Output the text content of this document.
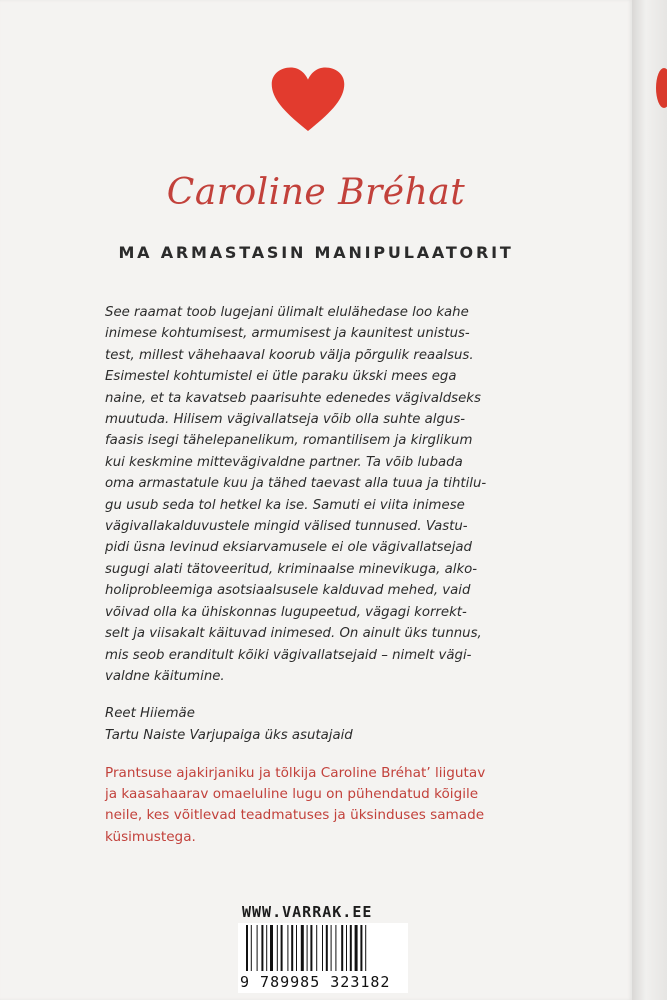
Caroline Bréhat
MA ARMASTASIN MANIPULAATORIT

See raamat toob lugejani ülimalt elulähedase loo kahe

inimese kohtumisest, armumisest ja kaunitest unistus-

test, millest vähehaaval koorub välja põrgulik reaalsus.

Esimestel kohtumistel ei ütle paraku ükski mees ega

naine, et ta kavatseb paarisuhte edenedes vägivaldseks

muutuda. Hilisem vägivallatseja võib olla suhte algus-

faasis isegi tähelepanelikum, romantilisem ja kirglikum

kui keskmine mittevägivaldne partner. Ta võib lubada

oma armastatule kuu ja tähed taevast alla tuua ja tihtilu-

gu usub seda tol hetkel ka ise. Samuti ei viita inimese

vägivallakalduvustele mingid välised tunnused. Vastu-

pidi üsna levinud eksiarvamusele ei ole vägivallatsejad

sugugi alati tätoveeritud, kriminaalse minevikuga, alko-

holiprobleemiga asotsiaalsusele kalduvad mehed, vaid

võivad olla ka ühiskonnas lugupeetud, vägagi korrekt-

selt ja viisakalt käituvad inimesed. On ainult üks tunnus,

mis seob eranditult kõiki vägivallatsejaid – nimelt vägi-

valdne käitumine.

Reet Hiiemäe

Tartu Naiste Varjupaiga üks asutajaid

Prantsuse ajakirjaniku ja tõlkija Caroline Bréhat’ liigutav

ja kaasahaarav omaeluline lugu on pühendatud kõigile

neile, kes võitlevad teadmatuses ja üksinduses samade

küsimustega.

WWW.VARRAK.EE
9 789985 323182
